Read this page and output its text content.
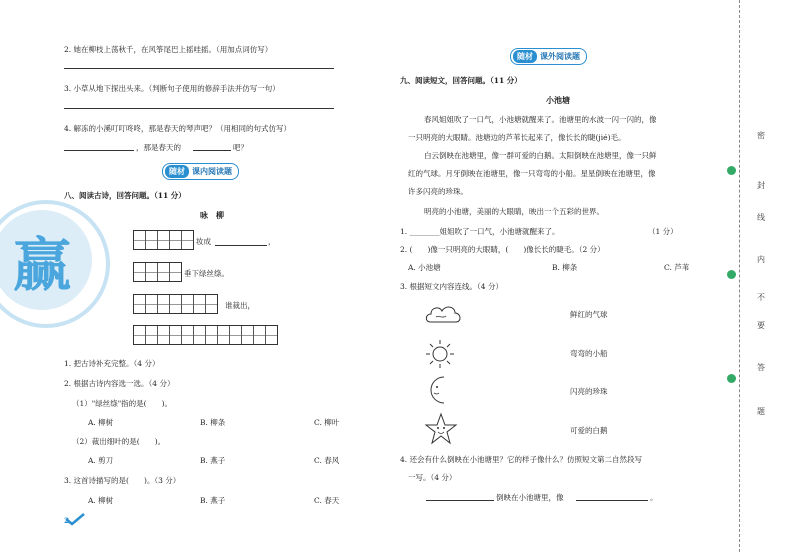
2. 她在柳枝上荡秋千，在风筝尾巴上摇哇摇。（用加点词仿写）
3. 小草从地下探出头来。（判断句子使用的修辞手法并仿写一句）
4. 解冻的小溪叮叮咚咚，那是春天的琴声吧？（用相同的句式仿写）
，那是春天的	吧？
赢
随材 课内阅读 题
八、阅读古诗，回答问题。（11 分）
咏　柳
妆成	，
垂下绿丝绦。
谁裁出，
1. 把古诗补充完整。（4 分）
2. 根据古诗内容选一选。（4 分）
（1）"绿丝绦"指的是(　　)。
A. 柳树	B. 柳条	C. 柳叶
（2）裁出细叶的是(　　)。
A. 剪刀	B. 燕子	C. 春风
3. 这首诗描写的是(　　)。（3 分）
A. 柳树	B. 燕子	C. 春天
2
随材 课外阅读 题
九、阅读短文，回答问题。（11 分）
小池塘
春风姐姐吹了一口气，小池塘就醒来了。池塘里的水波一闪一闪的，像
一只明亮的大眼睛。池塘边的芦苇长起来了，像长长的睫(jié)毛。
白云倒映在池塘里，像一群可爱的白鹅。太阳倒映在池塘里，像一只鲜
红的气球。月牙倒映在池塘里，像一只弯弯的小船。星星倒映在池塘里，像
许多闪亮的珍珠。
明亮的小池塘，美丽的大眼睛，映出一个五彩的世界。
1. ________姐姐吹了一口气，小池塘就醒来了。	（1 分）
2. (　　)像一只明亮的大眼睛，(　　)像长长的睫毛。（2 分）
A. 小池塘	B. 柳条	C. 芦苇
3. 根据短文内容连线。（4 分）
鲜红的气球
弯弯的小船
闪亮的珍珠
可爱的白鹅
4. 还会有什么倒映在小池塘里？它的样子像什么？仿照短文第二自然段写
一写。（4 分）
倒映在小池塘里，像	。
密
封
线
内
不
要
答
题
